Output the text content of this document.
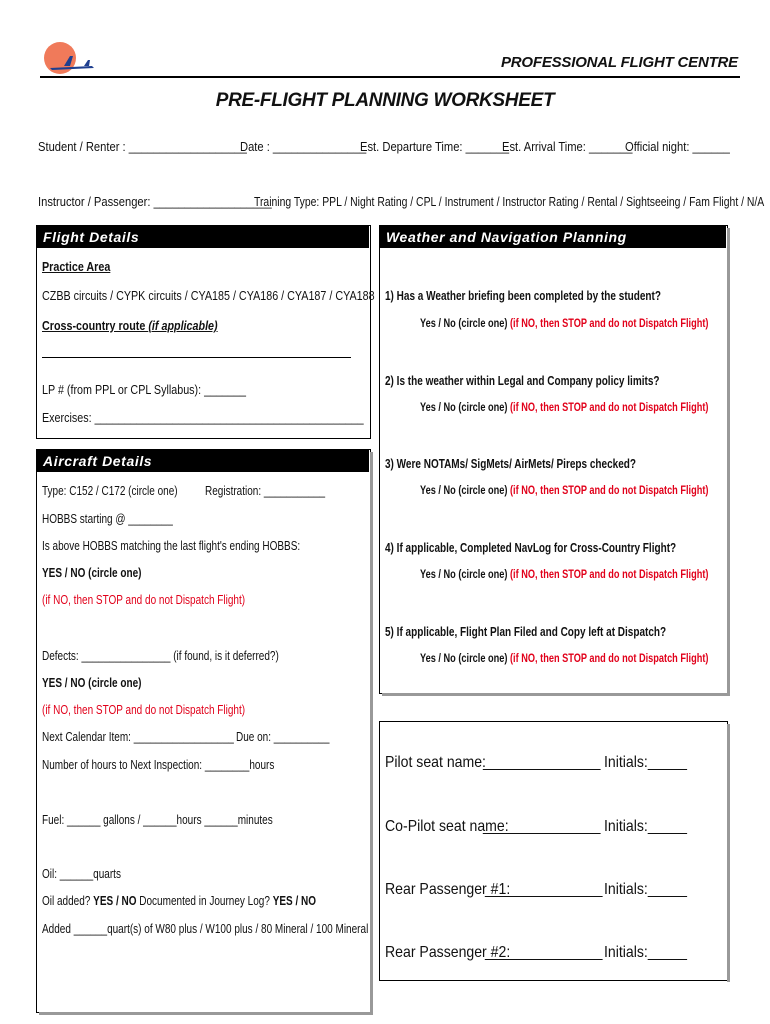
PROFESSIONAL FLIGHT CENTRE
PRE-FLIGHT PLANNING WORKSHEET
Student / Renter : ___________________
Date : _______________
Est. Departure Time: _______
Est. Arrival Time: _______
Official night: ______
Instructor / Passenger: ___________________
Training Type: PPL / Night Rating / CPL / Instrument / Instructor Rating / Rental / Sightseeing / Fam Flight / N/A
Flight Details
Practice Area
CZBB circuits / CYPK circuits / CYA185 / CYA186 / CYA187 / CYA188
Cross-country route (if applicable)
LP # (from PPL or CPL Syllabus): _______
Exercises: _____________________________________________
Aircraft Details
Type: C152 / C172 (circle one) Registration: ___________
HOBBS starting @ ________
Is above HOBBS matching the last flight's ending HOBBS:
YES / NO (circle one)
(if NO, then STOP and do not Dispatch Flight)
Defects: ________________ (if found, is it deferred?)
YES / NO (circle one)
(if NO, then STOP and do not Dispatch Flight)
Next Calendar Item: __________________ Due on: __________
Number of hours to Next Inspection: ________hours
Fuel: ______ gallons / ______hours ______minutes
Oil: ______quarts
Oil added? YES / NO Documented in Journey Log? YES / NO
Added ______quart(s) of W80 plus / W100 plus / 80 Mineral / 100 Mineral
Weather and Navigation Planning
1) Has a Weather briefing been completed by the student?
Yes / No (circle one) (if NO, then STOP and do not Dispatch Flight)
2) Is the weather within Legal and Company policy limits?
Yes / No (circle one) (if NO, then STOP and do not Dispatch Flight)
3) Were NOTAMs/ SigMets/ AirMets/ Pireps checked?
Yes / No (circle one) (if NO, then STOP and do not Dispatch Flight)
4) If applicable, Completed NavLog for Cross-Country Flight?
Yes / No (circle one) (if NO, then STOP and do not Dispatch Flight)
5) If applicable, Flight Plan Filed and Copy left at Dispatch?
Yes / No (circle one) (if NO, then STOP and do not Dispatch Flight)
Pilot seat name:
_______________ Initials:_____
Co-Pilot seat name:
_______________ Initials:_____
Rear Passenger #1:
_______________ Initials:_____
Rear Passenger #2:
_______________ Initials:_____
